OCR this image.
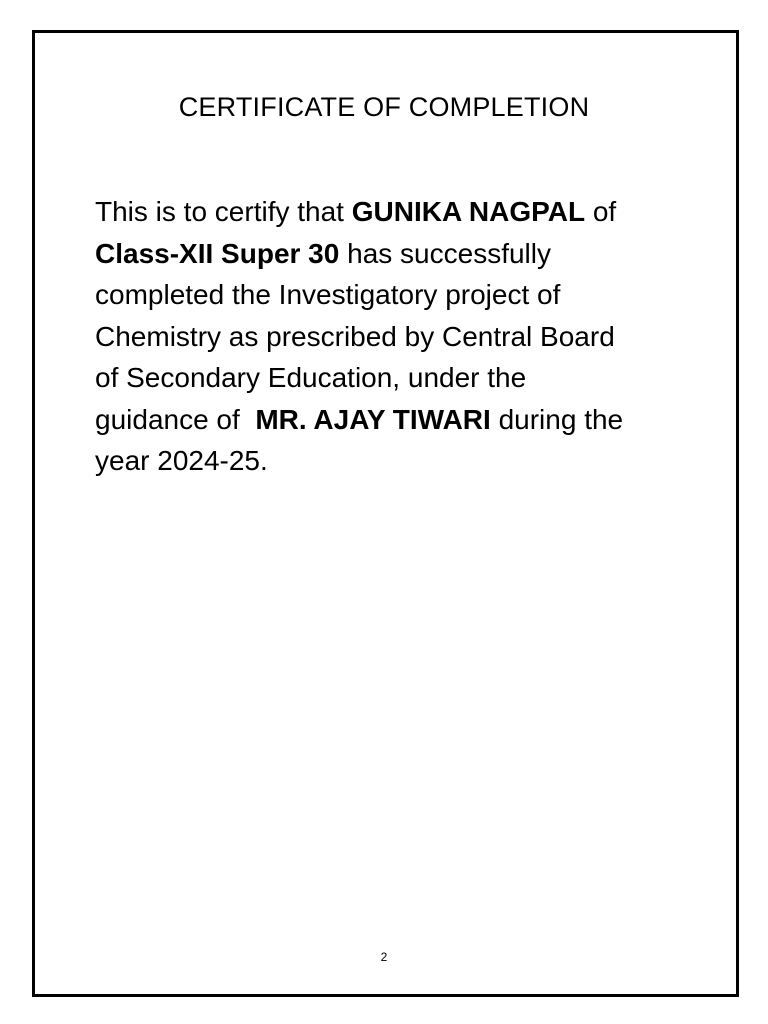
CERTIFICATE OF COMPLETION

This is to certify that GUNIKA NAGPAL of
Class-XII Super 30 has successfully
completed the Investigatory project of
Chemistry as prescribed by Central Board
of Secondary Education, under the
guidance of  MR. AJAY TIWARI during the
year 2024-25.

2
